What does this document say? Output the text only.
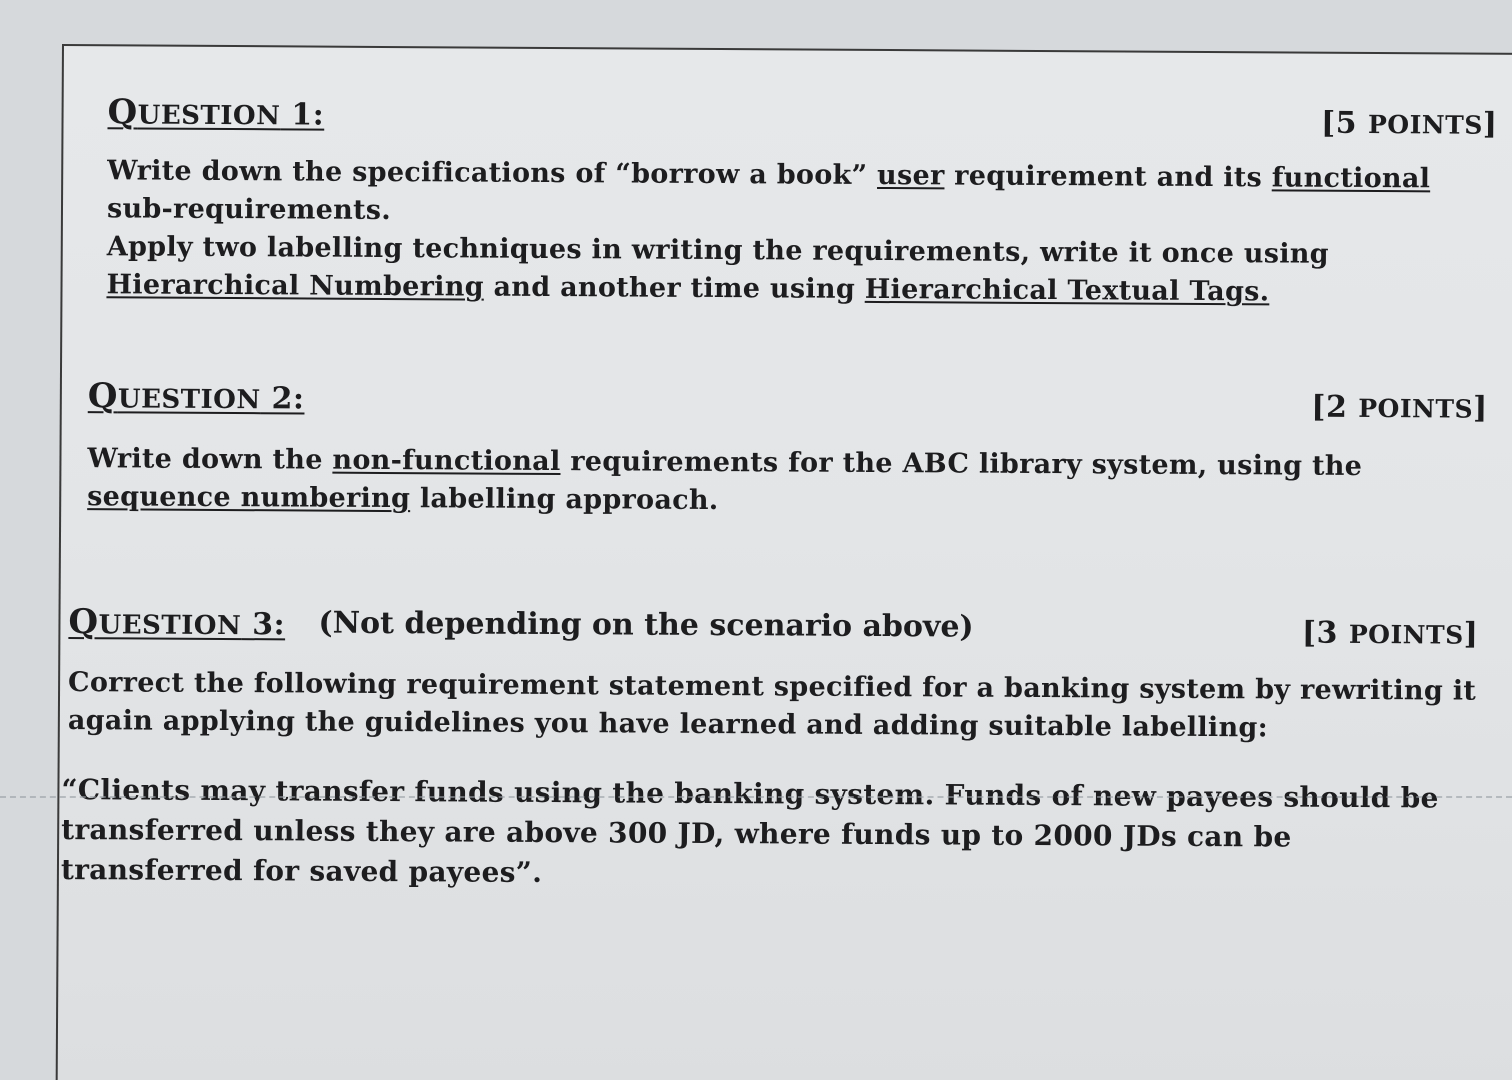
QUESTION 1:	[5 POINTS]

Write down the specifications of “borrow a book” user requirement and its functional sub-requirements.

Apply two labelling techniques in writing the requirements, write it once using Hierarchical Numbering and another time using Hierarchical Textual Tags.

QUESTION 2:	[2 POINTS]

Write down the non-functional requirements for the ABC library system, using the sequence numbering labelling approach.

QUESTION 3: (Not depending on the scenario above)	[3 POINTS]

Correct the following requirement statement specified for a banking system by rewriting it again applying the guidelines you have learned and adding suitable labelling:

“Clients may transfer funds using the banking system. Funds of new payees should be transferred unless they are above 300 JD, where funds up to 2000 JDs can be transferred for saved payees”.
